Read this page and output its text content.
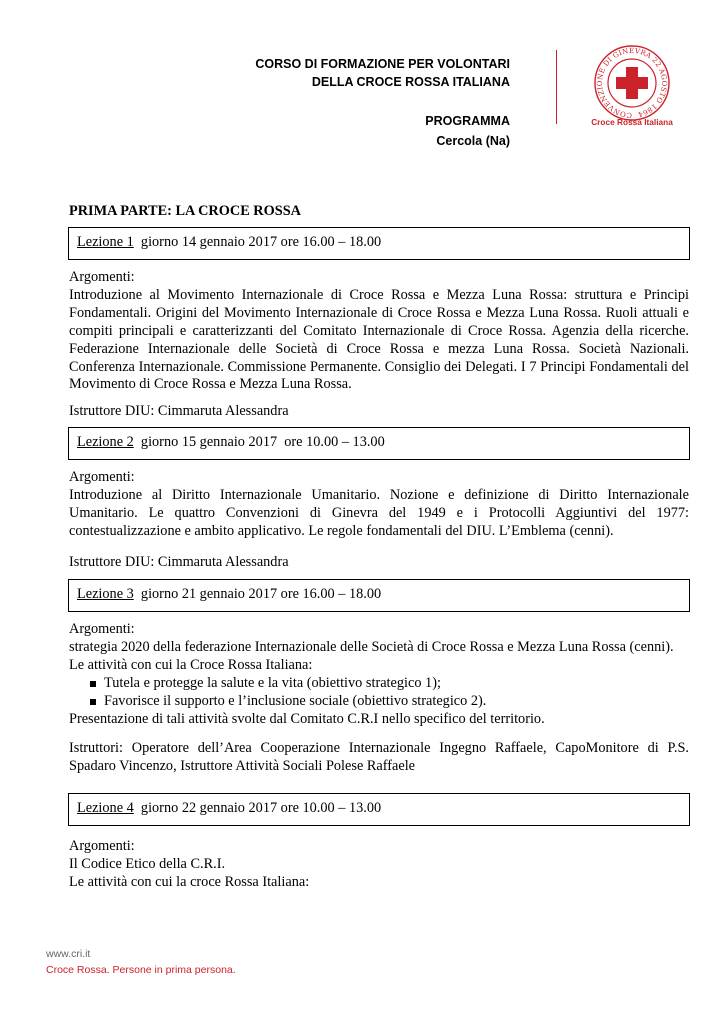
CORSO DI FORMAZIONE PER VOLONTARI
DELLA CROCE ROSSA ITALIANA
PROGRAMMA
Cercola (Na)
CONVENZIONE DI GINEVRA 22 AGOSTO 1864
Croce Rossa Italiana
PRIMA PARTE: LA CROCE ROSSA
Lezione 1  giorno 14 gennaio 2017 ore 16.00 – 18.00

Argomenti:

Introduzione al Movimento Internazionale di Croce Rossa e Mezza Luna Rossa: struttura e Principi Fondamentali. Origini del Movimento Internazionale di Croce Rossa e Mezza Luna Rossa. Ruoli attuali e compiti principali e caratterizzanti del Comitato Internazionale di Croce Rossa. Agenzia della ricerche. Federazione Internazionale delle Società di Croce Rossa e mezza Luna Rossa. Società Nazionali. Conferenza Internazionale. Commissione Permanente. Consiglio dei Delegati. I 7 Principi Fondamentali del Movimento di Croce Rossa e Mezza Luna Rossa.

Istruttore DIU: Cimmaruta Alessandra
Lezione 2  giorno 15 gennaio 2017  ore 10.00 – 13.00

Argomenti:

Introduzione al Diritto Internazionale Umanitario. Nozione e definizione di Diritto Internazionale Umanitario. Le quattro Convenzioni di Ginevra del 1949 e i Protocolli Aggiuntivi del 1977: contestualizzazione e ambito applicativo. Le regole fondamentali del DIU. L’Emblema (cenni).

Istruttore DIU: Cimmaruta Alessandra
Lezione 3  giorno 21 gennaio 2017 ore 16.00 – 18.00

Argomenti:

strategia 2020 della federazione Internazionale delle Società di Croce Rossa e Mezza Luna Rossa (cenni).

Le attività con cui la Croce Rossa Italiana:

Tutela e protegge la salute e la vita (obiettivo strategico 1);
Favorisce il supporto e l’inclusione sociale (obiettivo strategico 2).

Presentazione di tali attività svolte dal Comitato C.R.I nello specifico del territorio.

Istruttori: Operatore dell’Area Cooperazione Internazionale Ingegno Raffaele, CapoMonitore di P.S. Spadaro Vincenzo, Istruttore Attività Sociali Polese Raffaele
Lezione 4  giorno 22 gennaio 2017 ore 10.00 – 13.00

Argomenti:

Il Codice Etico della C.R.I.

Le attività con cui la croce Rossa Italiana:

www.cri.it
Croce Rossa. Persone in prima persona.
